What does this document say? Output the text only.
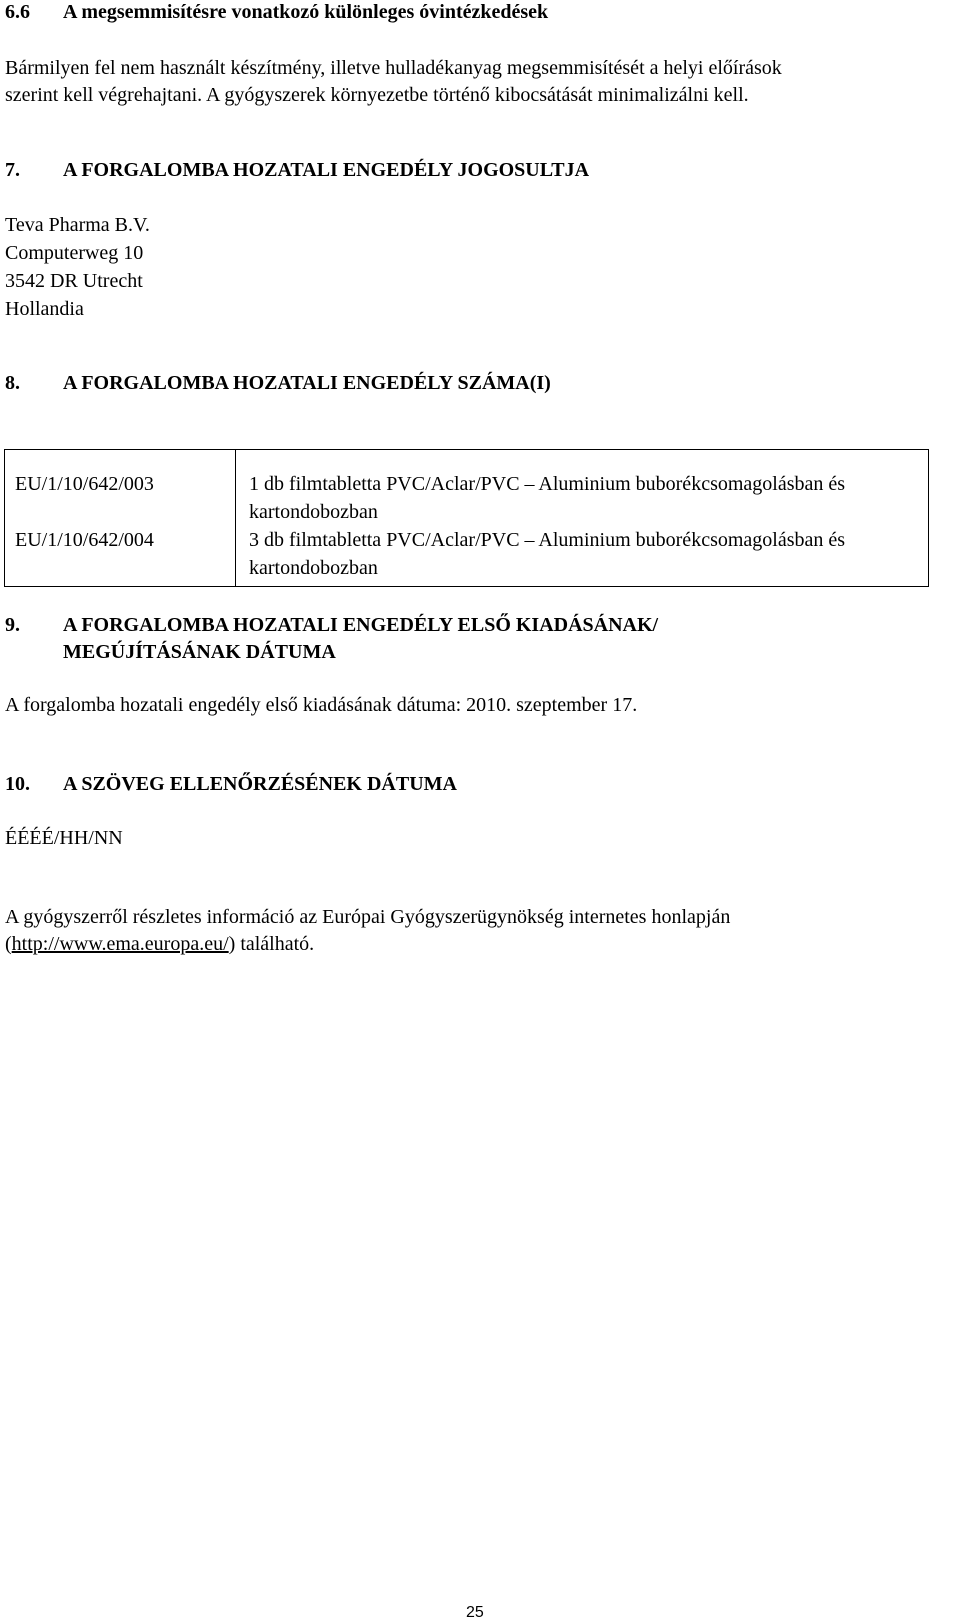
6.6 A megsemmisítésre vonatkozó különleges óvintézkedések
Bármilyen fel nem használt készítmény, illetve hulladékanyag megsemmisítését a helyi előírások
szerint kell végrehajtani. A gyógyszerek környezetbe történő kibocsátását minimalizálni kell.
7. A FORGALOMBA HOZATALI ENGEDÉLY JOGOSULTJA
Teva Pharma B.V.
Computerweg 10
3542 DR Utrecht
Hollandia
8. A FORGALOMBA HOZATALI ENGEDÉLY SZÁMA(I)
EU/1/10/642/003	1 db filmtabletta PVC/Aclar/PVC – Aluminium buborékcsomagolásban és
kartondobozban

EU/1/10/642/004	3 db filmtabletta PVC/Aclar/PVC – Aluminium buborékcsomagolásban és
kartondobozban
9. A FORGALOMBA HOZATALI ENGEDÉLY ELSŐ KIADÁSÁNAK/
MEGÚJÍTÁSÁNAK DÁTUMA
A forgalomba hozatali engedély első kiadásának dátuma: 2010. szeptember 17.
10. A SZÖVEG ELLENŐRZÉSÉNEK DÁTUMA
ÉÉÉÉ/HH/NN
A gyógyszerről részletes információ az Európai Gyógyszerügynökség internetes honlapján
(http://www.ema.europa.eu/) található.
25
